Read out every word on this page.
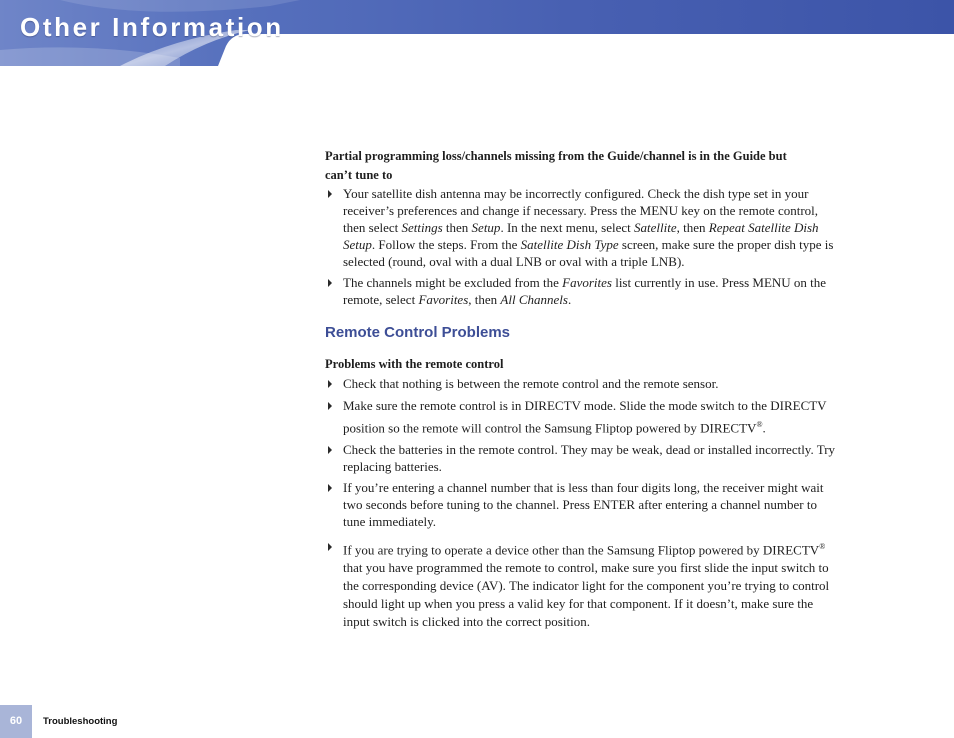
Other Information

Partial programming loss/channels missing from the Guide/channel is in the Guide but
can’t tune to

Your satellite dish antenna may be incorrectly configured. Check the dish type set in your receiver’s preferences and change if necessary. Press the MENU key on the remote control, then select Settings then Setup. In the next menu, select Satellite, then Repeat Satellite Dish Setup. Follow the steps. From the Satellite Dish Type screen, make sure the proper dish type is selected (round, oval with a dual LNB or oval with a triple LNB).
The channels might be excluded from the Favorites list currently in use. Press MENU on the remote, select Favorites, then All Channels.
Remote Control Problems

Problems with the remote control

Check that nothing is between the remote control and the remote sensor.
Make sure the remote control is in DIRECTV mode. Slide the mode switch to the DIRECTV position so the remote will control the Samsung Fliptop powered by DIRECTV®.
Check the batteries in the remote control. They may be weak, dead or installed incorrectly. Try replacing batteries.
If you’re entering a channel number that is less than four digits long, the receiver might wait two seconds before tuning to the channel. Press ENTER after entering a channel number to tune immediately.
If you are trying to operate a device other than the Samsung Fliptop powered by DIRECTV® that you have programmed the remote to control, make sure you first slide the input switch to the corresponding device (AV). The indicator light for the component you’re trying to control should light up when you press a valid key for that component. If it doesn’t, make sure the input switch is clicked into the correct position.
60	Troubleshooting
